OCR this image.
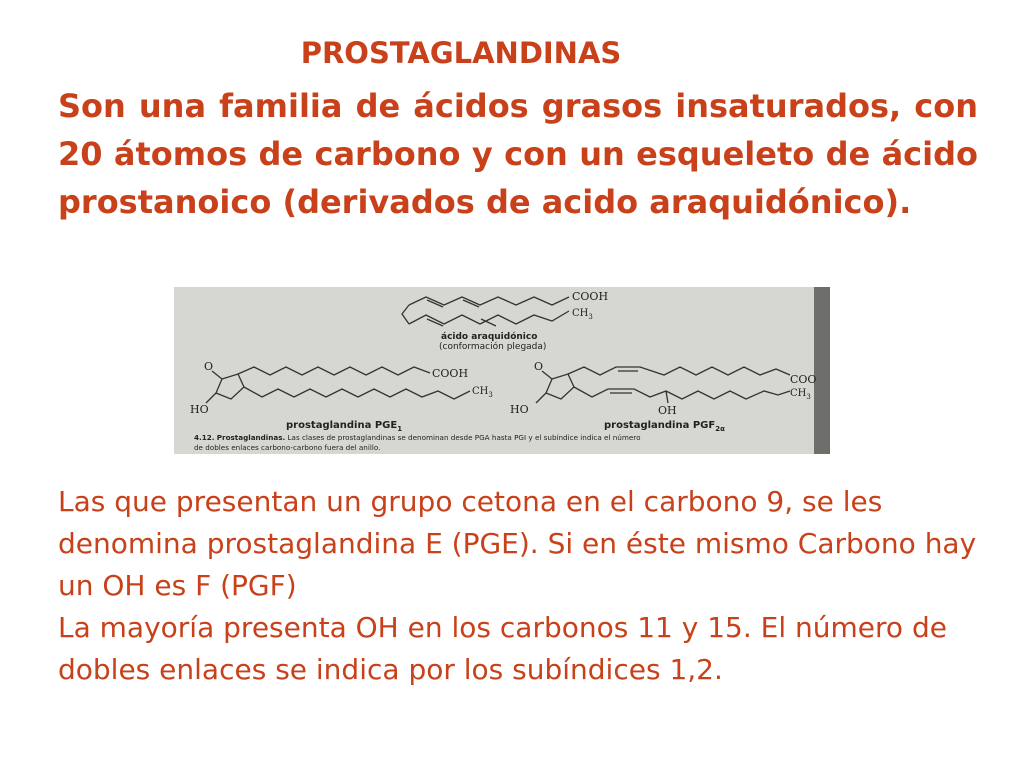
PROSTAGLANDINAS

Son una familia de ácidos grasos insaturados, con 20 átomos de carbono y con un esqueleto de ácido prostanoico (derivados de acido araquidónico).

COOH
$CH_3$
ácido araquidónico
(conformación plegada)
O
HO
COOH
$CH_3$
prostaglandina $PGE_1$
O
HO	OH
COO
$CH_3$
prostaglandina $PGF_{2\alpha}$
4.12. Prostaglandinas. Las clases de prostaglandinas se denominan desde PGA hasta PGI y el subíndice indica el número
de dobles enlaces carbono-carbono fuera del anillo.

Las que presentan un grupo cetona en el carbono 9, se les denomina prostaglandina E (PGE). Si en éste mismo Carbono hay un OH es F (PGF)

La mayoría presenta OH en los carbonos 11 y 15. El número de dobles enlaces se indica por los subíndices 1,2.
